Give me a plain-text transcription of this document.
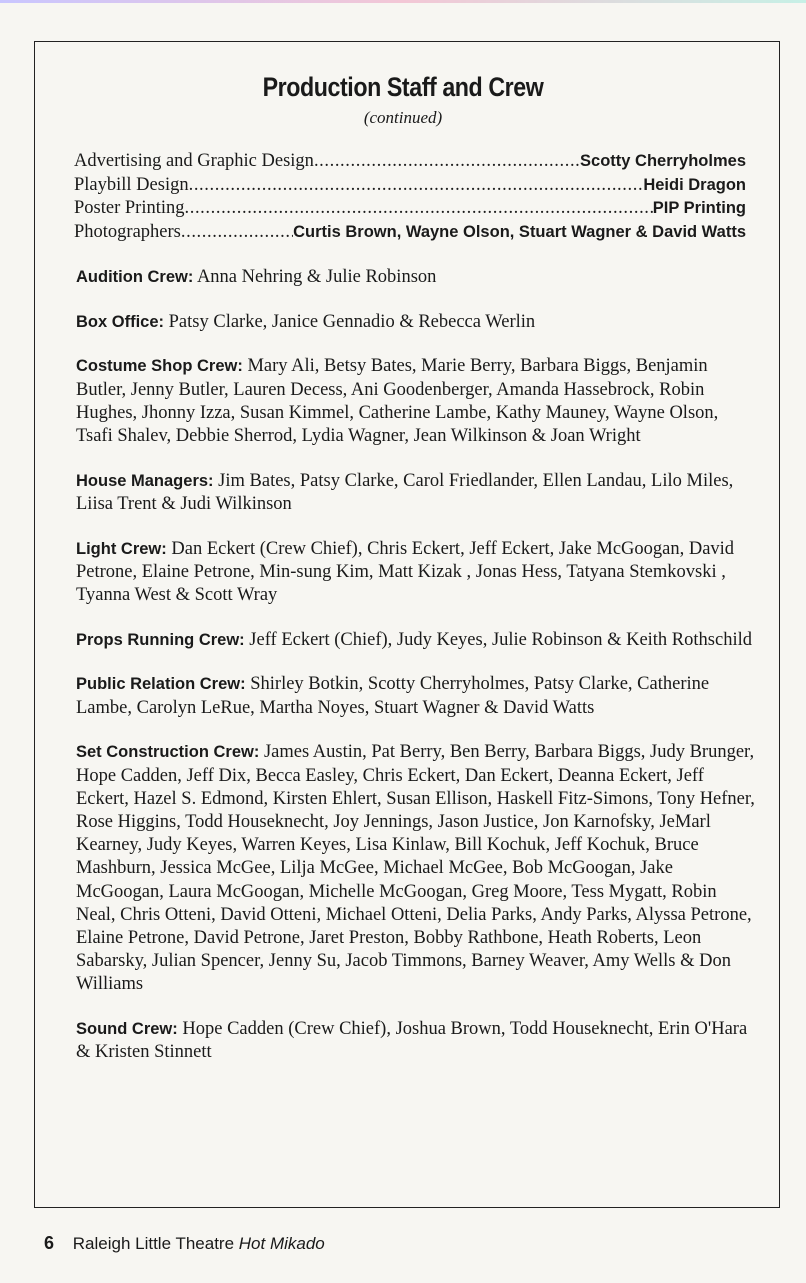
Production Staff and Crew
(continued)
Advertising and Graphic Design .....	Scotty Cherryholmes
Playbill Design .....	Heidi Dragon
Poster Printing .....	PIP Printing
Photographers .....	Curtis Brown, Wayne Olson, Stuart Wagner & David Watts

Audition Crew: Anna Nehring & Julie Robinson

Box Office: Patsy Clarke, Janice Gennadio & Rebecca Werlin

Costume Shop Crew: Mary Ali, Betsy Bates, Marie Berry, Barbara Biggs, Benjamin Butler, Jenny Butler, Lauren Decess, Ani Goodenberger, Amanda Hassebrock, Robin Hughes, Jhonny Izza, Susan Kimmel, Catherine Lambe, Kathy Mauney, Wayne Olson, Tsafi Shalev, Debbie Sherrod, Lydia Wagner, Jean Wilkinson & Joan Wright

House Managers: Jim Bates, Patsy Clarke, Carol Friedlander, Ellen Landau, Lilo Miles, Liisa Trent & Judi Wilkinson

Light Crew: Dan Eckert (Crew Chief), Chris Eckert, Jeff Eckert, Jake McGoogan, David Petrone, Elaine Petrone, Min-sung Kim, Matt Kizak , Jonas Hess, Tatyana Stemkovski , Tyanna West & Scott Wray

Props Running Crew: Jeff Eckert (Chief), Judy Keyes, Julie Robinson & Keith Rothschild

Public Relation Crew: Shirley Botkin, Scotty Cherryholmes, Patsy Clarke, Catherine Lambe, Carolyn LeRue, Martha Noyes, Stuart Wagner & David Watts

Set Construction Crew: James Austin, Pat Berry, Ben Berry, Barbara Biggs, Judy Brunger, Hope Cadden, Jeff Dix, Becca Easley, Chris Eckert, Dan Eckert, Deanna Eckert, Jeff Eckert, Hazel S. Edmond, Kirsten Ehlert, Susan Ellison, Haskell Fitz-Simons, Tony Hefner, Rose Higgins, Todd Houseknecht, Joy Jennings, Jason Justice, Jon Karnofsky, JeMarl Kearney, Judy Keyes, Warren Keyes, Lisa Kinlaw, Bill Kochuk, Jeff Kochuk, Bruce Mashburn, Jessica McGee, Lilja McGee, Michael McGee, Bob McGoogan, Jake McGoogan, Laura McGoogan, Michelle McGoogan, Greg Moore, Tess Mygatt, Robin Neal, Chris Otteni, David Otteni, Michael Otteni, Delia Parks, Andy Parks, Alyssa Petrone, Elaine Petrone, David Petrone, Jaret Preston, Bobby Rathbone, Heath Roberts, Leon Sabarsky, Julian Spencer, Jenny Su, Jacob Timmons, Barney Weaver, Amy Wells & Don Williams

Sound Crew: Hope Cadden (Crew Chief), Joshua Brown, Todd Houseknecht, Erin O'Hara & Kristen Stinnett

6 Raleigh Little Theatre Hot Mikado
